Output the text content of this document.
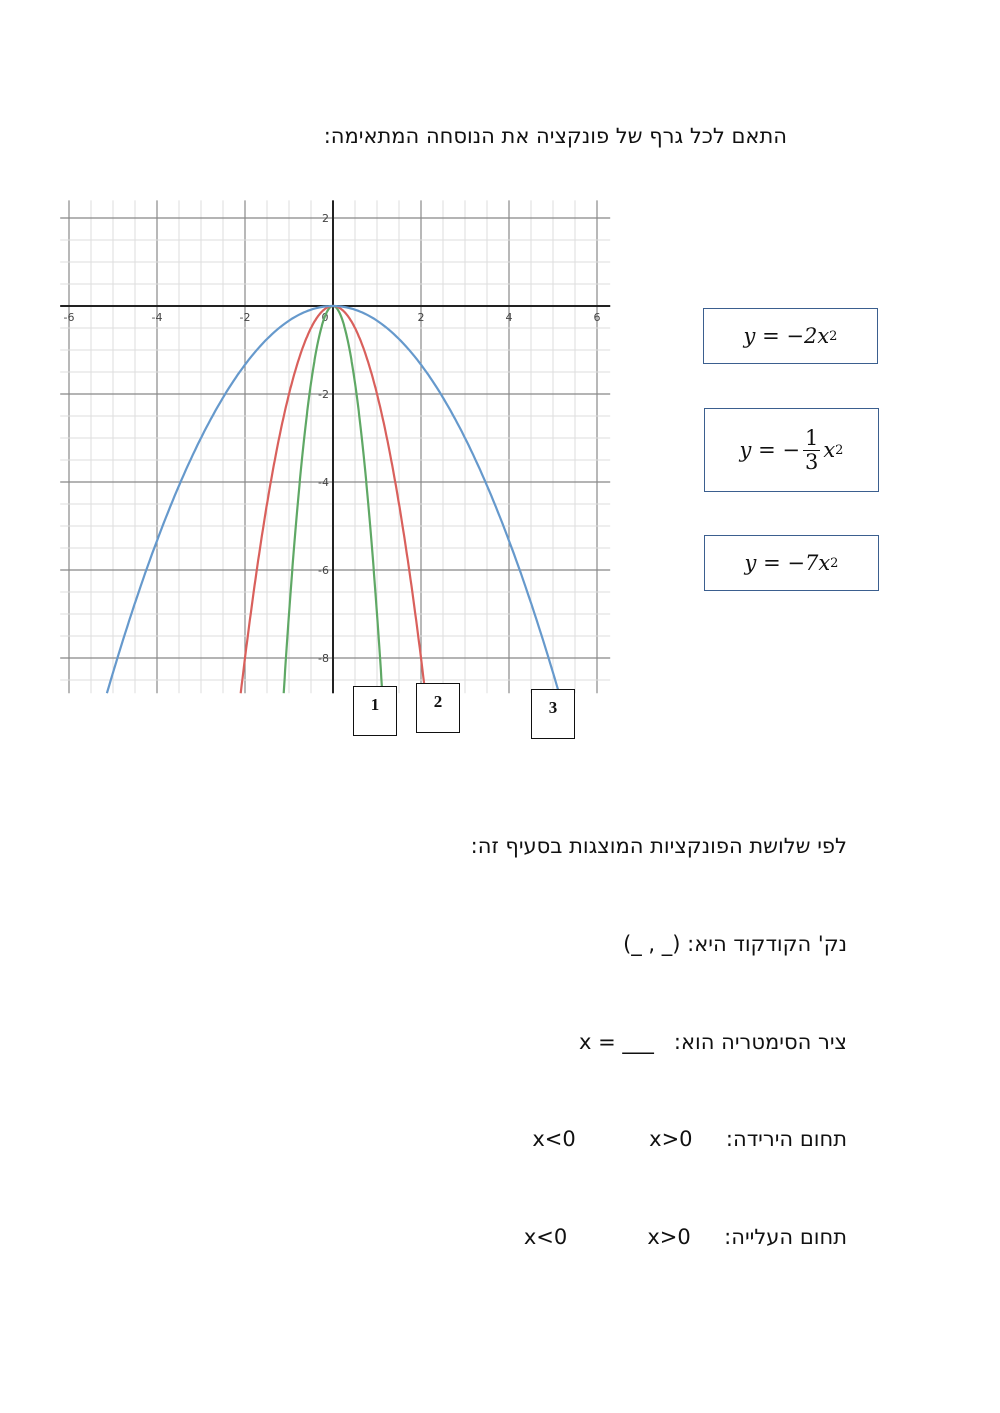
התאם לכל גרף של פונקציה את הנוסחה המתאימה:
-6	-4	-2	0	2	4	6
2
-2
-4
-6
-8
1	2	3
y = −2x 2
y = − $\frac{1}{3}$ x 2
y = −7x 2
לפי שלושת הפונקציות המוצגות בסעיף זה:
נק' הקודקוד היא: (_ , _)
ציר הסימטריה הוא:   x = ___
תחום הירידה:     x<0	x>0
תחום העלייה:     x<0	x>0
